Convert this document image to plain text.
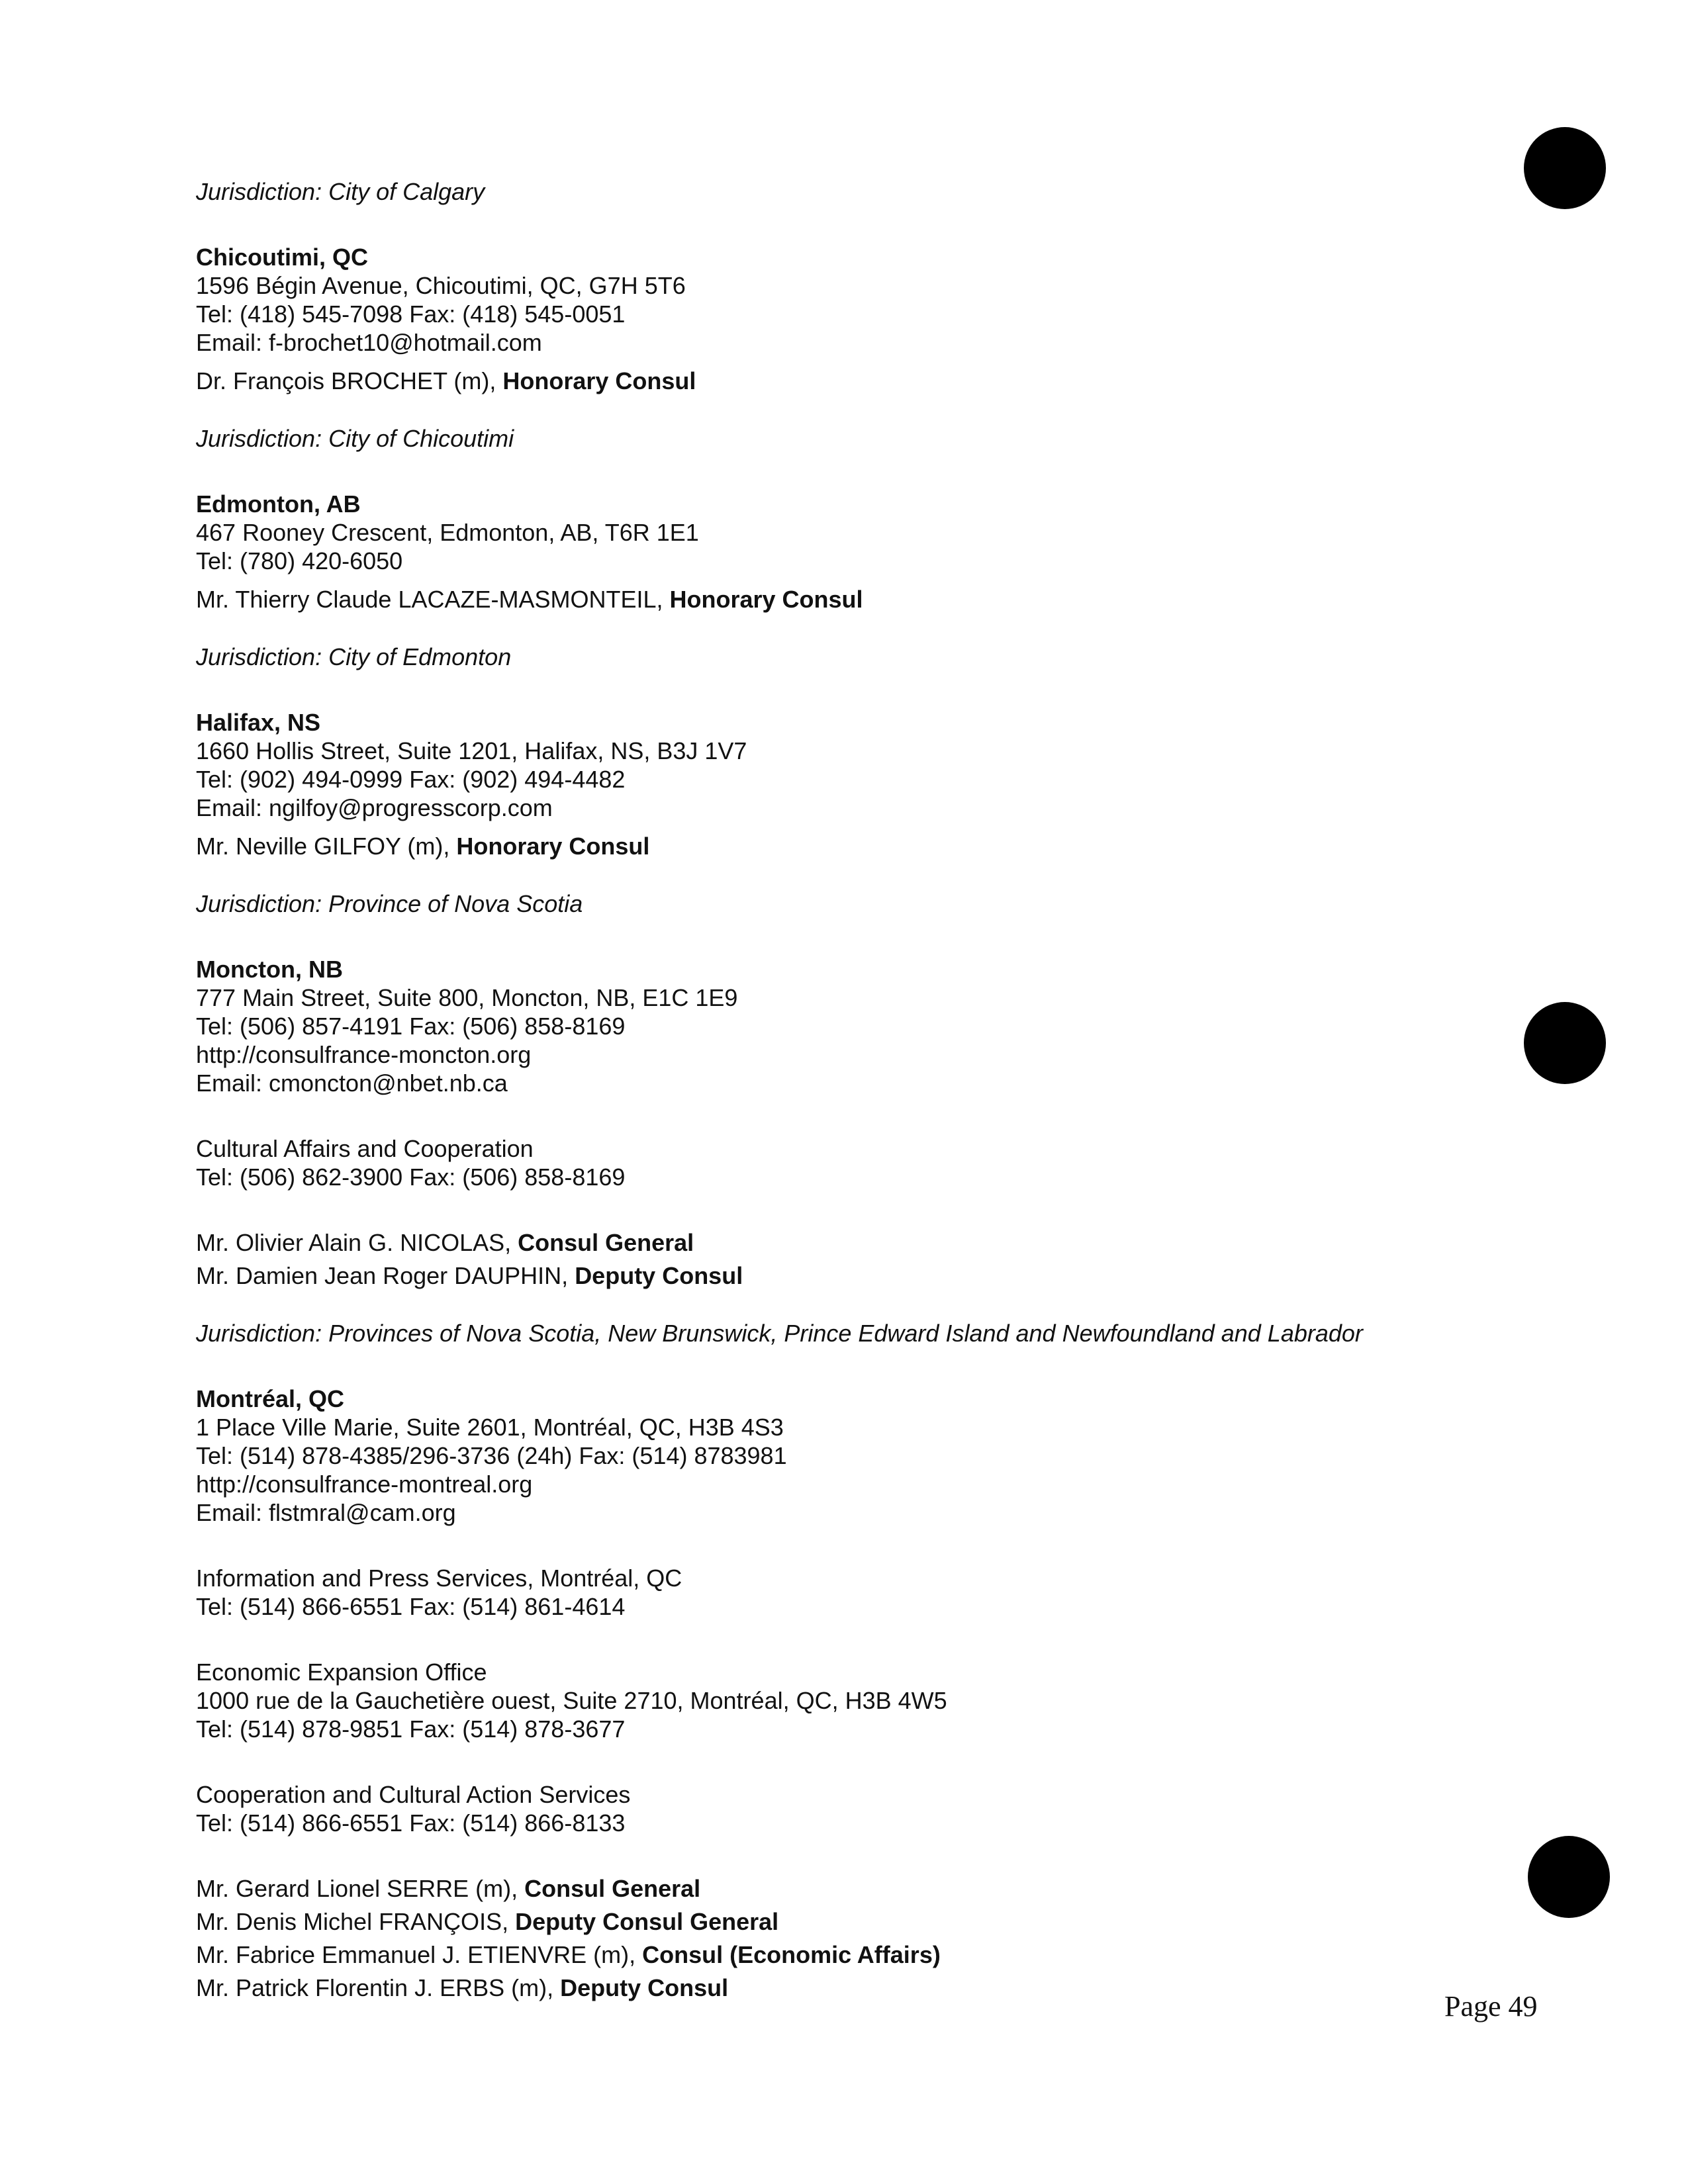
Jurisdiction: City of Calgary

Chicoutimi, QC

1596 Bégin Avenue, Chicoutimi, QC, G7H 5T6

Tel: (418) 545-7098 Fax: (418) 545-0051

Email: f-brochet10@hotmail.com

Dr. François BROCHET (m), Honorary Consul

Jurisdiction: City of Chicoutimi

Edmonton, AB

467 Rooney Crescent, Edmonton, AB, T6R 1E1

Tel: (780) 420-6050

Mr. Thierry Claude LACAZE-MASMONTEIL, Honorary Consul

Jurisdiction: City of Edmonton

Halifax, NS

1660 Hollis Street, Suite 1201, Halifax, NS, B3J 1V7

Tel: (902) 494-0999 Fax: (902) 494-4482

Email: ngilfoy@progresscorp.com

Mr. Neville GILFOY (m), Honorary Consul

Jurisdiction: Province of Nova Scotia

Moncton, NB

777 Main Street, Suite 800, Moncton, NB, E1C 1E9

Tel: (506) 857-4191 Fax: (506) 858-8169

http://consulfrance-moncton.org

Email: cmoncton@nbet.nb.ca

Cultural Affairs and Cooperation

Tel: (506) 862-3900 Fax: (506) 858-8169

Mr. Olivier Alain G. NICOLAS, Consul General

Mr. Damien Jean Roger DAUPHIN, Deputy Consul

Jurisdiction: Provinces of Nova Scotia, New Brunswick, Prince Edward Island and Newfoundland and Labrador

Montréal, QC

1 Place Ville Marie, Suite 2601, Montréal, QC, H3B 4S3

Tel: (514) 878-4385/296-3736 (24h) Fax: (514) 8783981

http://consulfrance-montreal.org

Email: flstmral@cam.org

Information and Press Services, Montréal, QC

Tel: (514) 866-6551 Fax: (514) 861-4614

Economic Expansion Office

1000 rue de la Gauchetière ouest, Suite 2710, Montréal, QC, H3B 4W5

Tel: (514) 878-9851 Fax: (514) 878-3677

Cooperation and Cultural Action Services

Tel: (514) 866-6551 Fax: (514) 866-8133

Mr. Gerard Lionel SERRE (m), Consul General

Mr. Denis Michel FRANÇOIS, Deputy Consul General

Mr. Fabrice Emmanuel J. ETIENVRE (m), Consul (Economic Affairs)

Mr. Patrick Florentin J. ERBS (m), Deputy Consul

Page 49
